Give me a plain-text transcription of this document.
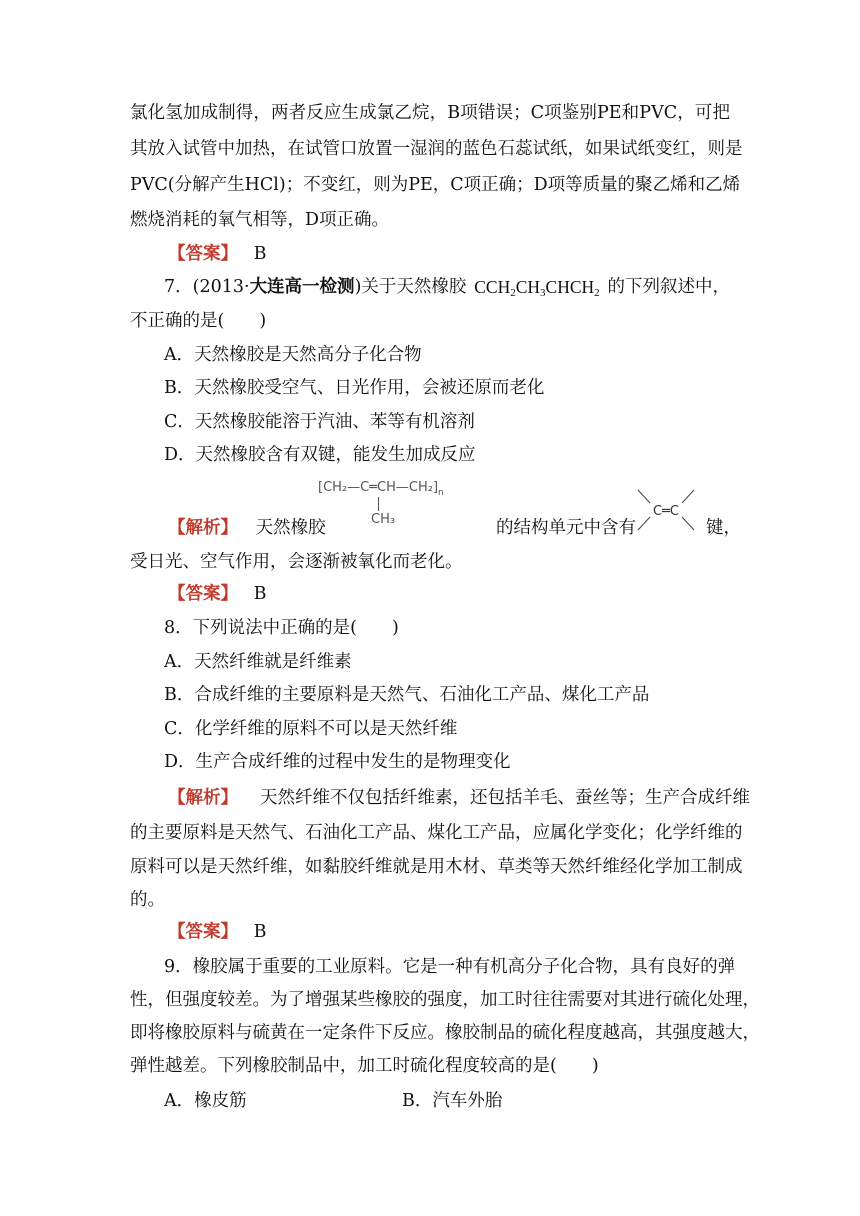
氯化氢加成制得，两者反应生成氯乙烷，B项错误；C项鉴别PE和PVC，可把
其放入试管中加热，在试管口放置一湿润的蓝色石蕊试纸，如果试纸变红，则是
PVC(分解产生HCl)；不变红，则为PE，C项正确；D项等质量的聚乙烯和乙烯
燃烧消耗的氧气相等，D项正确。
【答案】 B
7．(2013·大连高一检测)关于天然橡胶 $CCH_2CH_3CHCH_2$ 的下列叙述中，
不正确的是(　　)
A．天然橡胶是天然高分子化合物
B．天然橡胶受空气、日光作用，会被还原而老化
C．天然橡胶能溶于汽油、苯等有机溶剂
D．天然橡胶含有双键，能发生加成反应
$[CH_2—C═CH—CH_2]_n$
CH₃
C═C
【解析】 天然橡胶	的结构单元中含有	键，
受日光、空气作用，会逐渐被氧化而老化。
【答案】 B
8．下列说法中正确的是(　　)
A．天然纤维就是纤维素
B．合成纤维的主要原料是天然气、石油化工产品、煤化工产品
C．化学纤维的原料不可以是天然纤维
D．生产合成纤维的过程中发生的是物理变化
【解析】 天然纤维不仅包括纤维素，还包括羊毛、蚕丝等；生产合成纤维
的主要原料是天然气、石油化工产品、煤化工产品，应属化学变化；化学纤维的
原料可以是天然纤维，如黏胶纤维就是用木材、草类等天然纤维经化学加工制成
的。
【答案】 B
9．橡胶属于重要的工业原料。它是一种有机高分子化合物，具有良好的弹
性，但强度较差。为了增强某些橡胶的强度，加工时往往需要对其进行硫化处理，
即将橡胶原料与硫黄在一定条件下反应。橡胶制品的硫化程度越高，其强度越大，
弹性越差。下列橡胶制品中，加工时硫化程度较高的是(　　)
A．橡皮筋	B．汽车外胎
